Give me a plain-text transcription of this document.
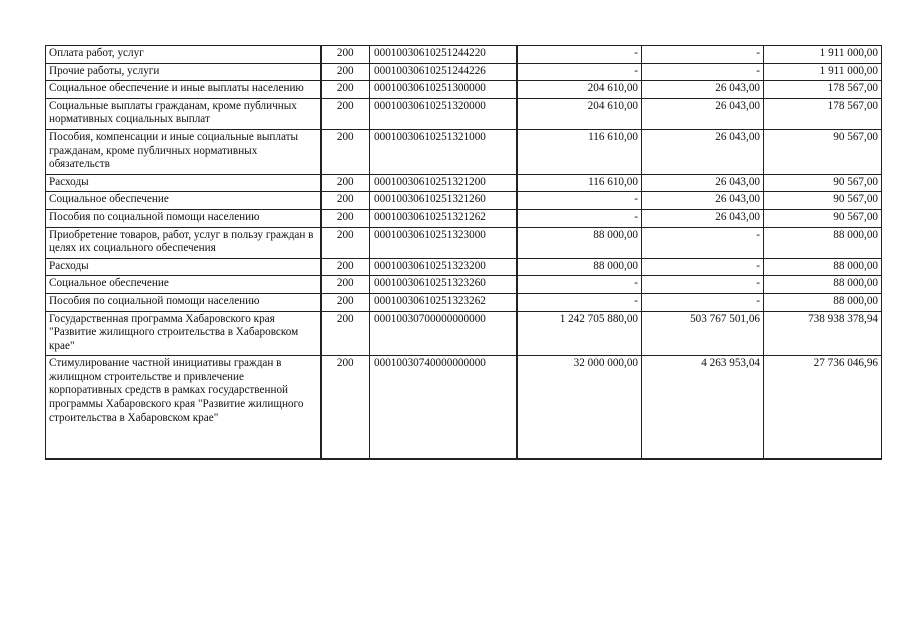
Оплата работ, услуг	200	00010030610251244220	-	-	1 911 000,00
Прочие работы, услуги	200	00010030610251244226	-	-	1 911 000,00
Социальное обеспечение и иные выплаты населению	200	00010030610251300000	204 610,00	26 043,00	178 567,00
Социальные выплаты гражданам, кроме публичных нормативных социальных выплат	200	00010030610251320000	204 610,00	26 043,00	178 567,00
Пособия, компенсации и иные социальные выплаты гражданам, кроме публичных нормативных обязательств	200	00010030610251321000	116 610,00	26 043,00	90 567,00
Расходы	200	00010030610251321200	116 610,00	26 043,00	90 567,00
Социальное обеспечение	200	00010030610251321260	-	26 043,00	90 567,00
Пособия по социальной помощи населению	200	00010030610251321262	-	26 043,00	90 567,00
Приобретение товаров, работ, услуг в пользу граждан в целях их социального обеспечения	200	00010030610251323000	88 000,00	-	88 000,00
Расходы	200	00010030610251323200	88 000,00	-	88 000,00
Социальное обеспечение	200	00010030610251323260	-	-	88 000,00
Пособия по социальной помощи населению	200	00010030610251323262	-	-	88 000,00
Государственная программа Хабаровского края "Развитие жилищного строительства в Хабаровском крае"	200	00010030700000000000	1 242 705 880,00	503 767 501,06	738 938 378,94
Стимулирование частной инициативы граждан в жилищном строительстве и привлечение корпоративных средств в рамках государственной программы Хабаровского края "Развитие жилищного строительства в Хабаровском крае"	200	00010030740000000000	32 000 000,00	4 263 953,04	27 736 046,96
